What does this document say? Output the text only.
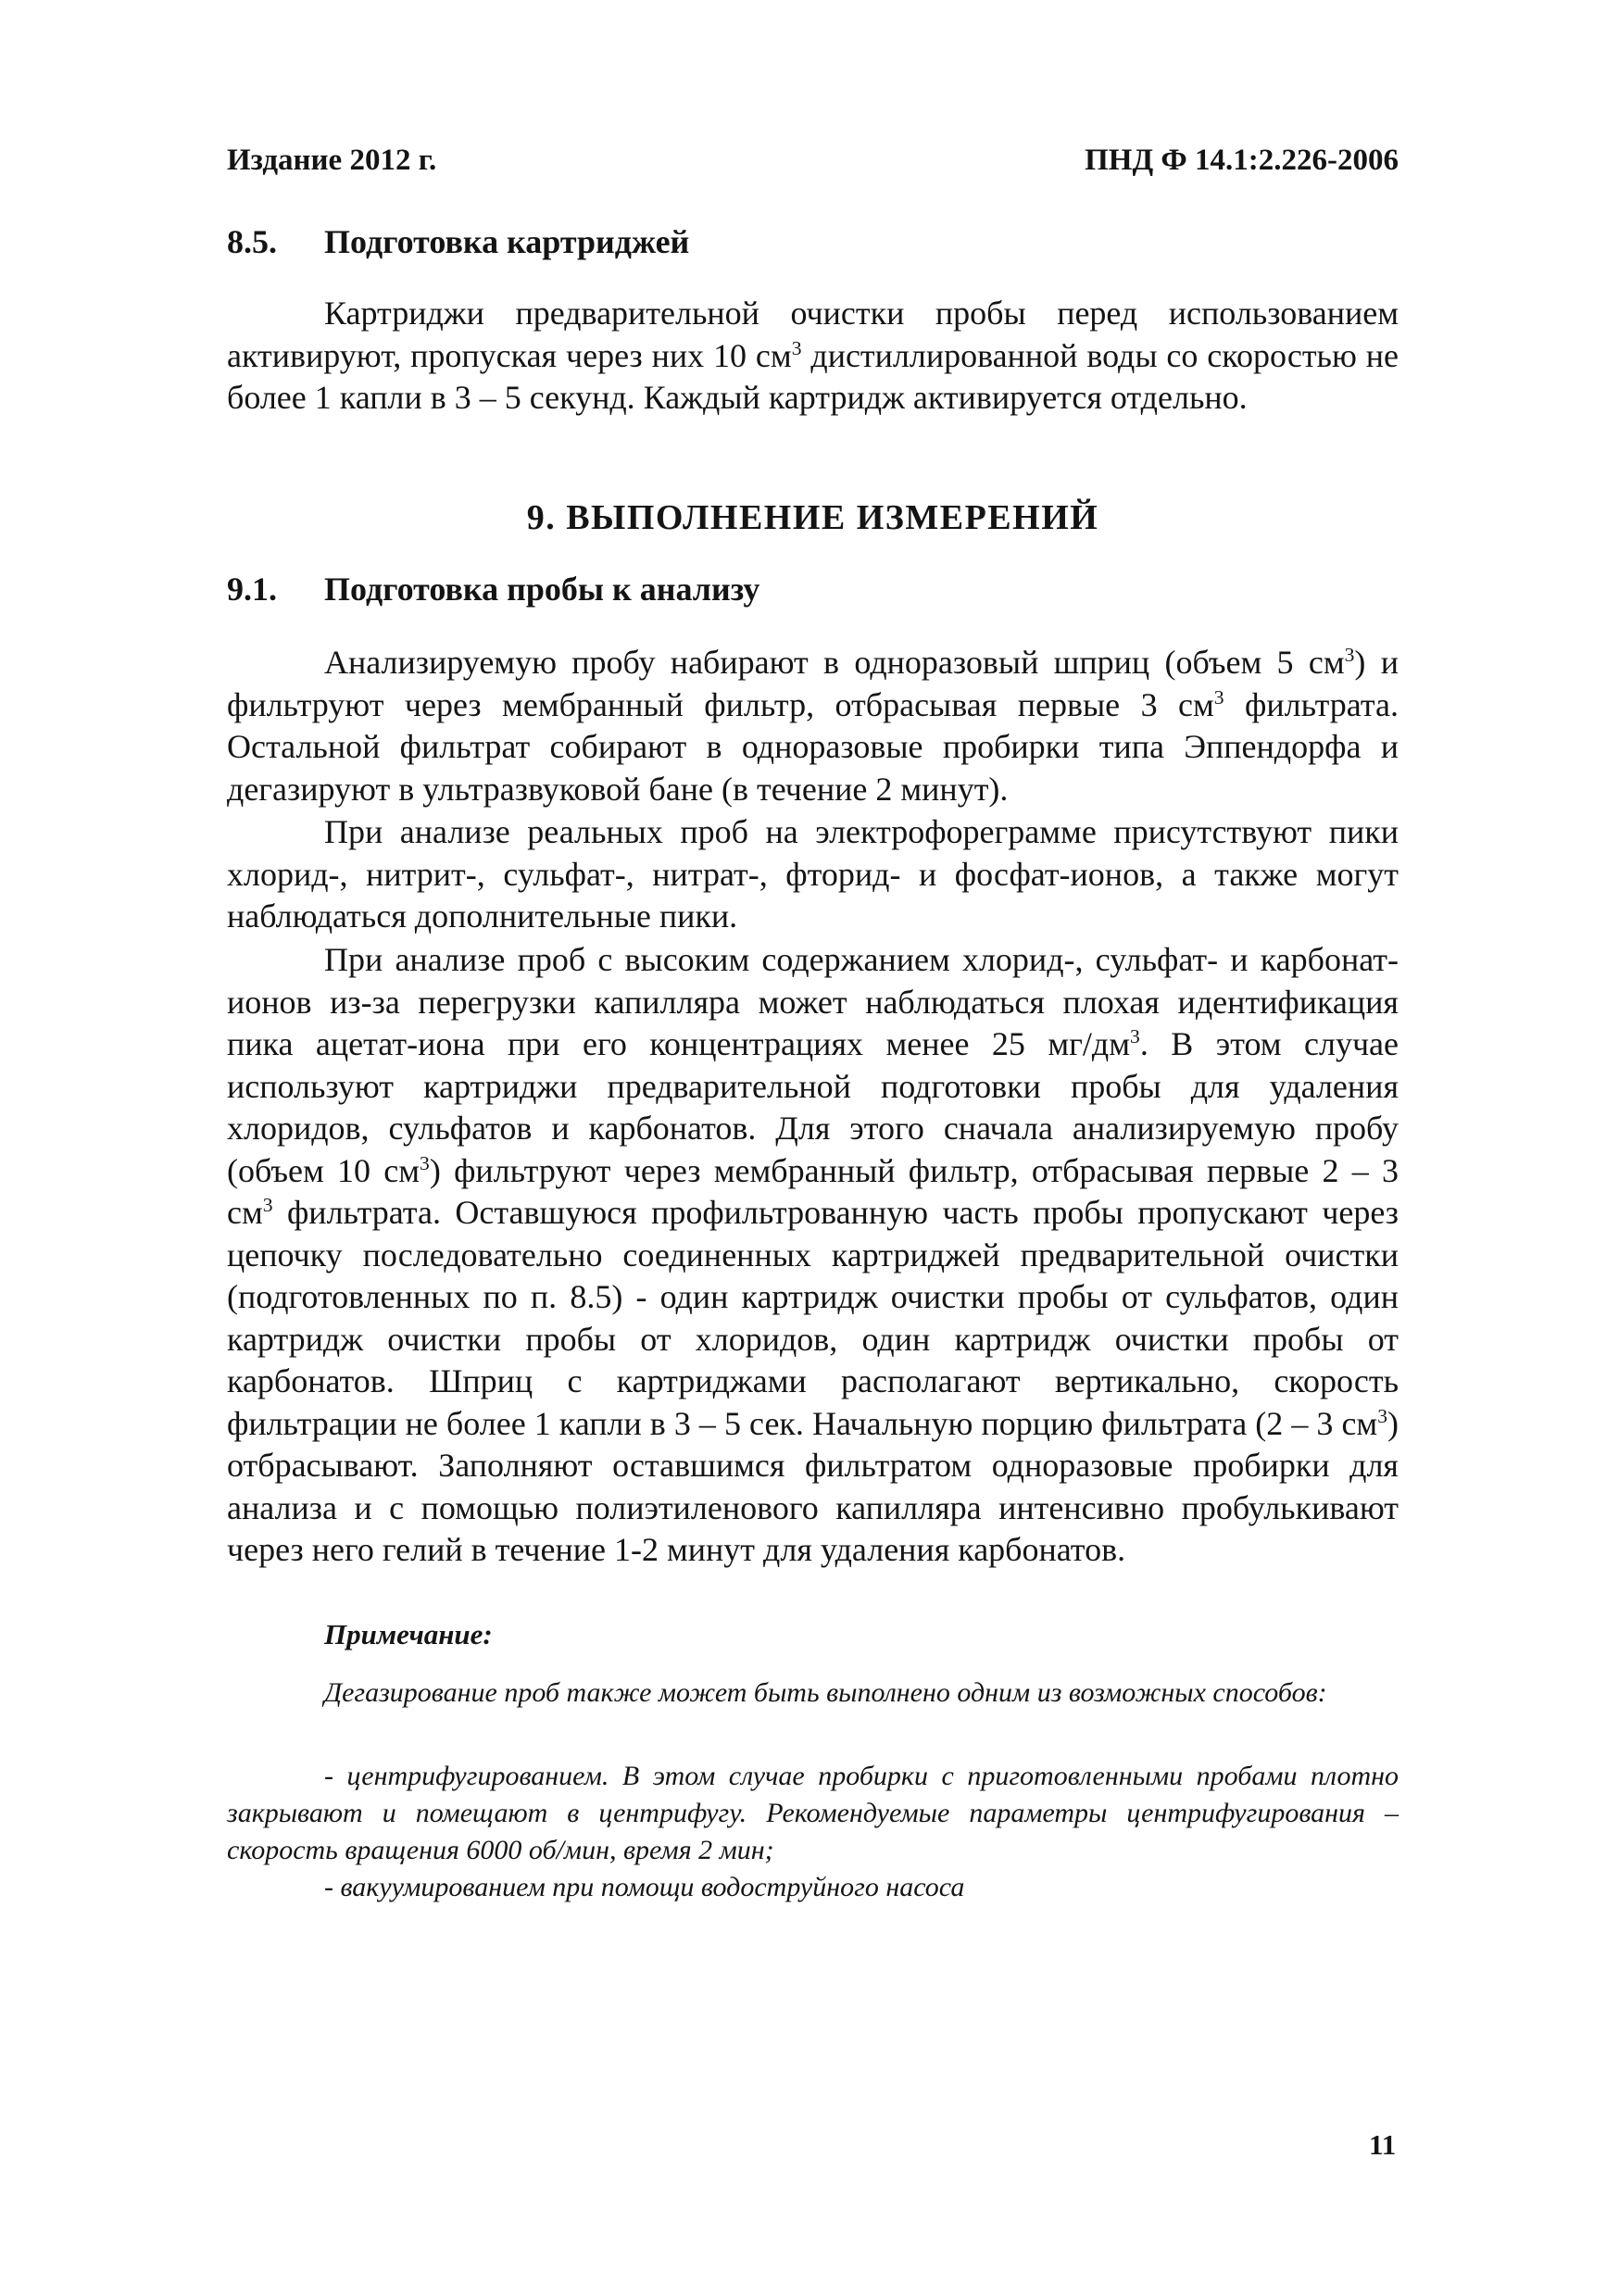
Издание 2012 г.	ПНД Ф 14.1:2.226-2006
8.5. Подготовка картриджей
Картриджи предварительной очистки пробы перед использованием активируют, пропуская через них 10 $см^3$ дистиллированной воды со скоростью не более 1 капли в 3 – 5 секунд. Каждый картридж активируется отдельно.
9. ВЫПОЛНЕНИЕ ИЗМЕРЕНИЙ
9.1. Подготовка пробы к анализу
Анализируемую пробу набирают в одноразовый шприц (объем 5 $см^3$) и фильтруют через мембранный фильтр, отбрасывая первые 3 $см^3$ фильтрата. Остальной фильтрат собирают в одноразовые пробирки типа Эппендорфа и дегазируют в ультразвуковой бане (в течение 2 минут).
При анализе реальных проб на электрофореграмме присутствуют пики хлорид-, нитрит-, сульфат-, нитрат-, фторид- и фосфат-ионов, а также могут наблюдаться дополнительные пики.
При анализе проб с высоким содержанием хлорид-, сульфат- и карбонат-ионов из-за перегрузки капилляра может наблюдаться плохая идентификация пика ацетат-иона при его концентрациях менее 25 $мг/дм^3$. В этом случае используют картриджи предварительной подготовки пробы для удаления хлоридов, сульфатов и карбонатов. Для этого сначала анализируемую пробу (объем 10 $см^3$) фильтруют через мембранный фильтр, отбрасывая первые 2 – 3 $см^3$ фильтрата. Оставшуюся профильтрованную часть пробы пропускают через цепочку последовательно соединенных картриджей предварительной очистки (подготовленных по п. 8.5) - один картридж очистки пробы от сульфатов, один картридж очистки пробы от хлоридов, один картридж очистки пробы от карбонатов. Шприц с картриджами располагают вертикально, скорость фильтрации не более 1 капли в 3 – 5 сек. Начальную порцию фильтрата (2 – 3 $см^3$) отбрасывают. Заполняют оставшимся фильтратом одноразовые пробирки для анализа и с помощью полиэтиленового капилляра интенсивно пробулькивают через него гелий в течение 1-2 минут для удаления карбонатов.
Примечание:
Дегазирование проб также может быть выполнено одним из возможных способов:
- центрифугированием. В этом случае пробирки с приготовленными пробами плотно закрывают и помещают в центрифугу. Рекомендуемые параметры центрифугирования – скорость вращения 6000 об/мин, время 2 мин;
- вакуумированием при помощи водоструйного насоса
11
